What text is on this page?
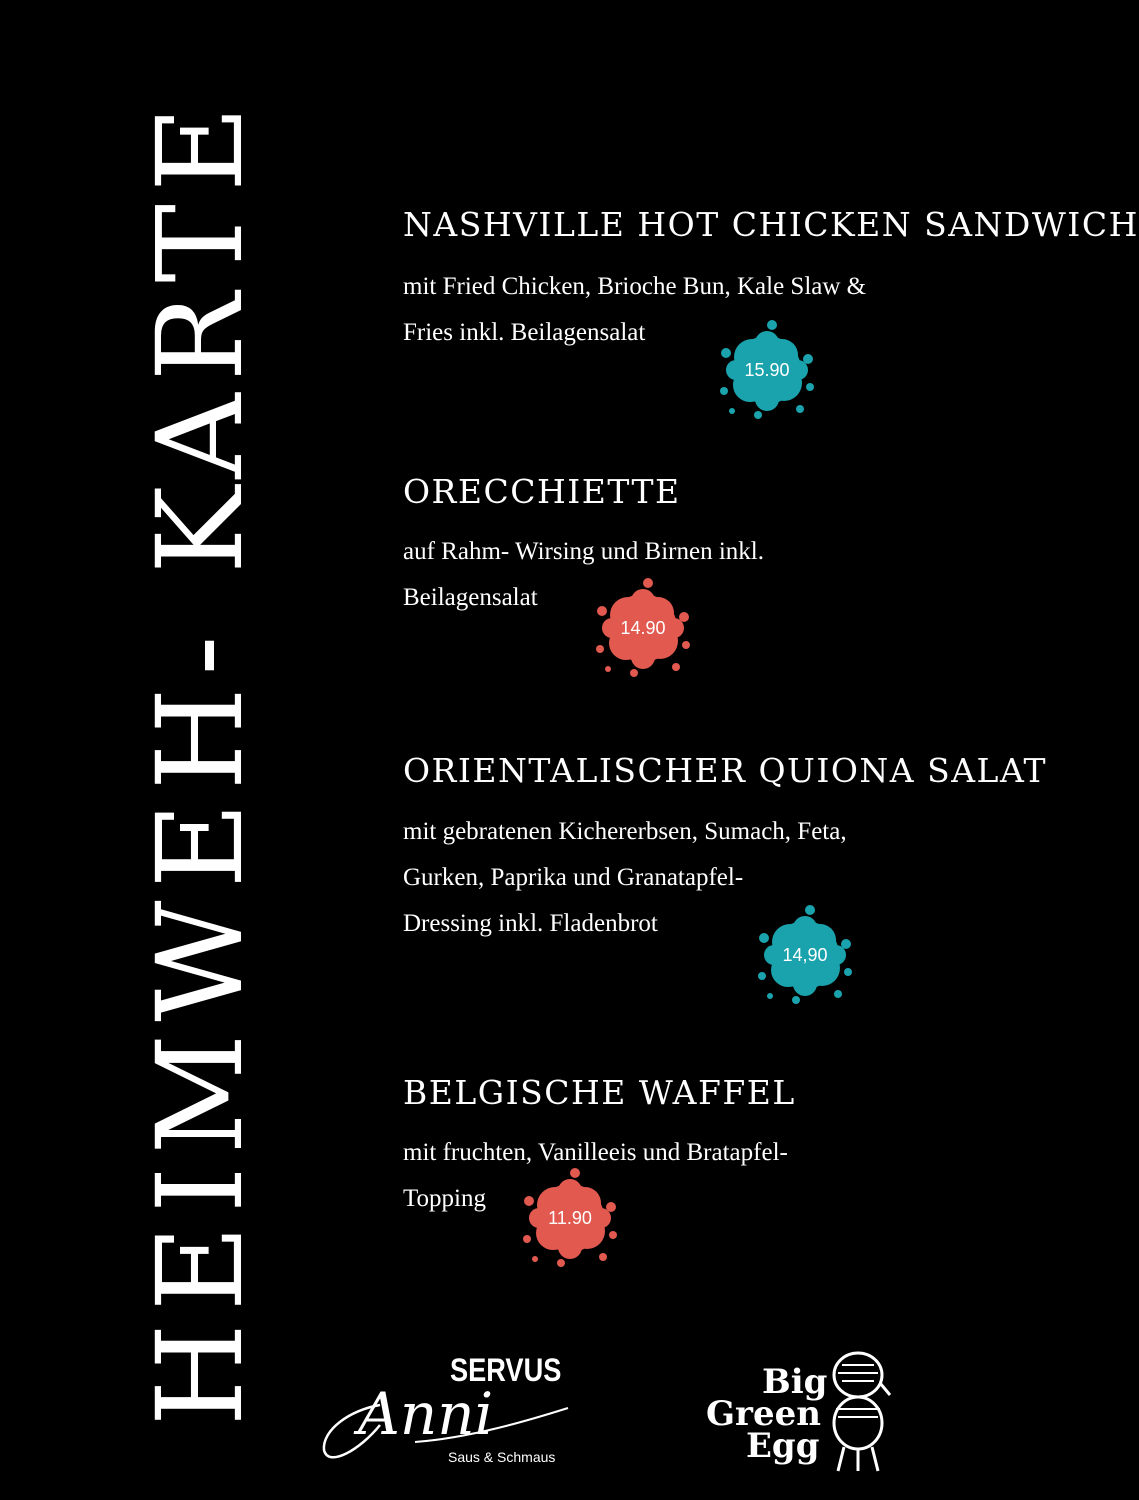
HEIMWEH- KARTE	NASHVILLE HOT CHICKEN SANDWICH
mit Fried Chicken, Brioche Bun, Kale Slaw &
Fries inkl. Beilagensalat
15.90
ORECCHIETTE
auf Rahm- Wirsing und Birnen inkl.
Beilagensalat
14.90
ORIENTALISCHER QUIONA SALAT
mit gebratenen Kichererbsen, Sumach, Feta,
Gurken, Paprika und Granatapfel-
Dressing inkl. Fladenbrot
14,90
BELGISCHE WAFFEL
mit fruchten, Vanilleeis und Bratapfel-
Topping
11.90
SERVUS
Anni
Saus & Schmaus
Big
Green
Egg
